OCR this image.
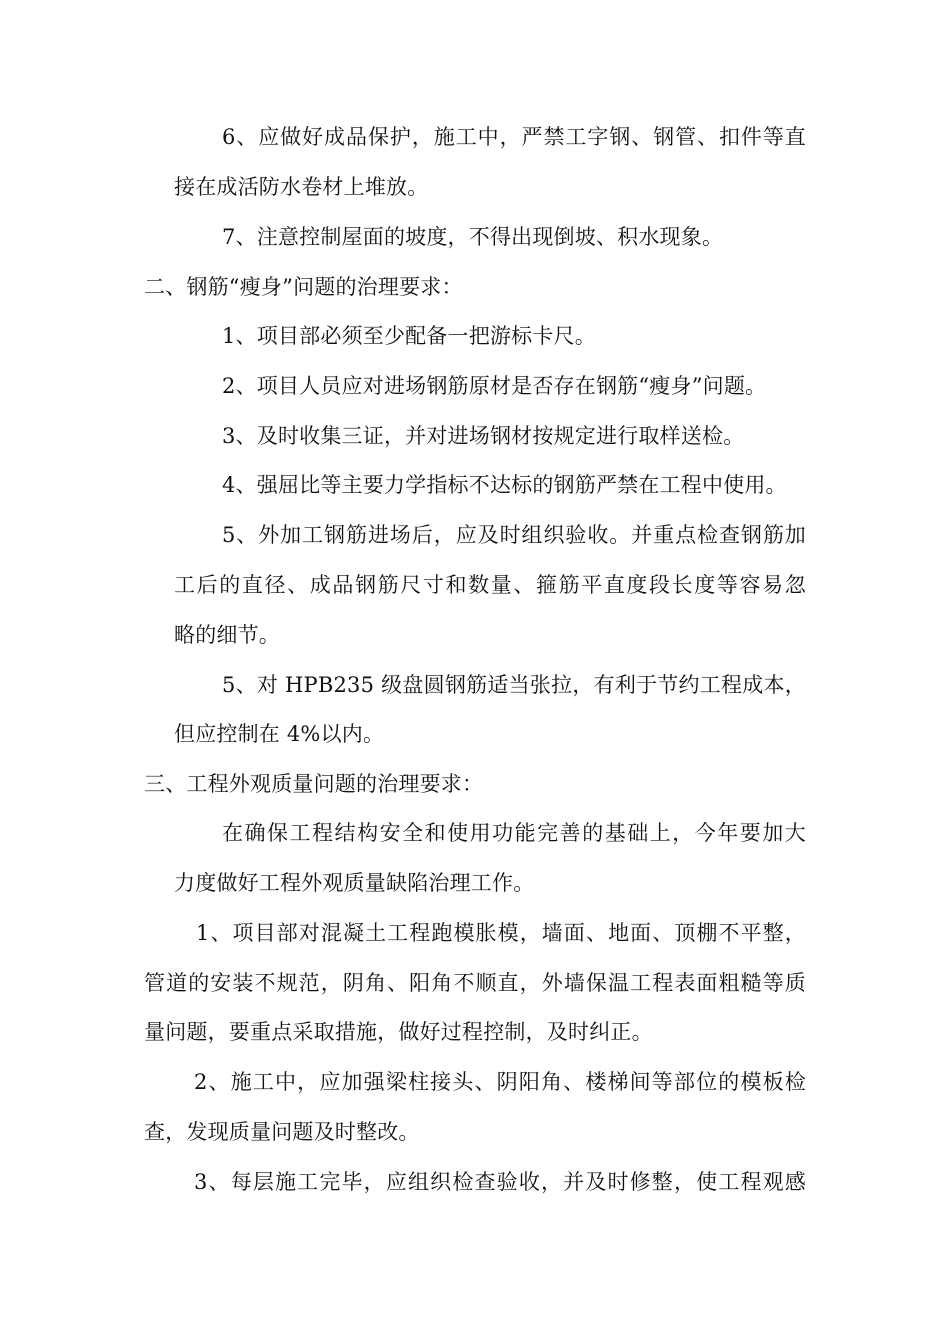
6、应做好成品保护，施工中，严禁工字钢、钢管、扣件等直
接在成活防水卷材上堆放。
7、注意控制屋面的坡度，不得出现倒坡、积水现象。
二、钢筋“瘦身”问题的治理要求：
1、项目部必须至少配备一把游标卡尺。
2、项目人员应对进场钢筋原材是否存在钢筋“瘦身”问题。
3、及时收集三证，并对进场钢材按规定进行取样送检。
4、强屈比等主要力学指标不达标的钢筋严禁在工程中使用。
5、外加工钢筋进场后，应及时组织验收。并重点检查钢筋加
工后的直径、成品钢筋尺寸和数量、箍筋平直度段长度等容易忽
略的细节。
5、对 HPB235 级盘圆钢筋适当张拉，有利于节约工程成本，
但应控制在 4%以内。
三、工程外观质量问题的治理要求：
在确保工程结构安全和使用功能完善的基础上，今年要加大
力度做好工程外观质量缺陷治理工作。
1、项目部对混凝土工程跑模胀模，墙面、地面、顶棚不平整，
管道的安装不规范，阴角、阳角不顺直，外墙保温工程表面粗糙等质
量问题，要重点采取措施，做好过程控制，及时纠正。
2、施工中，应加强梁柱接头、阴阳角、楼梯间等部位的模板检
查，发现质量问题及时整改。
3、每层施工完毕，应组织检查验收，并及时修整，使工程观感
